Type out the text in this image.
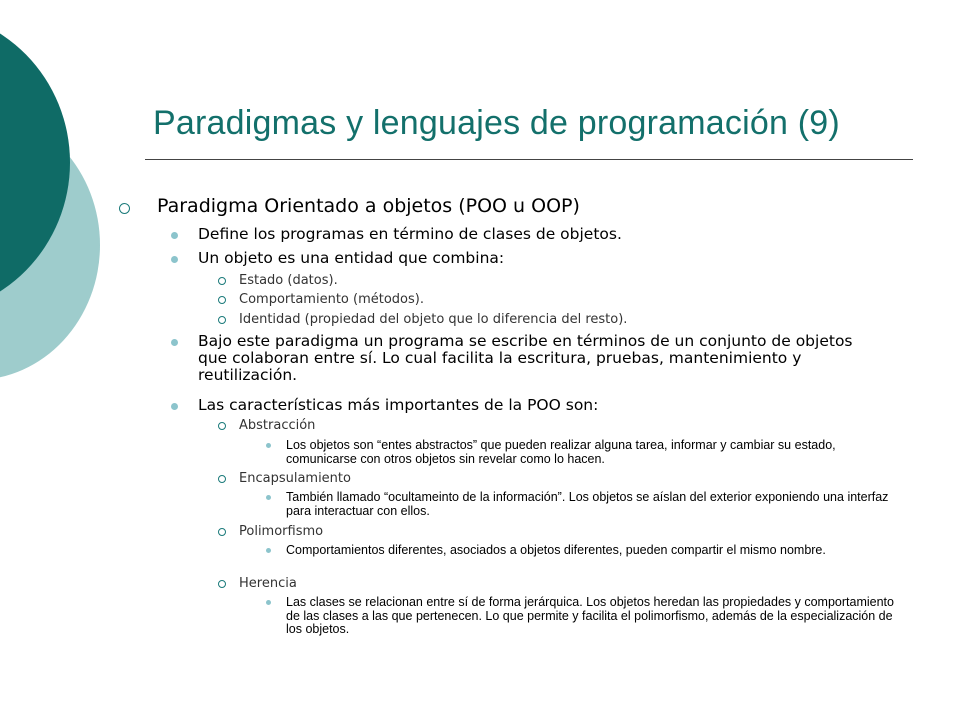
Paradigmas y lenguajes de programación (9)
Paradigma Orientado a objetos (POO u OOP)
Define los programas en término de clases de objetos.
Un objeto es una entidad que combina:
Estado (datos).
Comportamiento (métodos).
Identidad (propiedad del objeto que lo diferencia del resto).
Bajo este paradigma un programa se escribe en términos de un conjunto de objetos que colaboran entre sí. Lo cual facilita la escritura, pruebas, mantenimiento y reutilización.
Las características más importantes de la POO son:
Abstracción
Los objetos son “entes abstractos” que pueden realizar alguna tarea, informar y cambiar su estado, comunicarse con otros objetos sin revelar como lo hacen.
Encapsulamiento
También llamado “ocultameinto de la información”. Los objetos se aíslan del exterior exponiendo una interfaz para interactuar con ellos.
Polimorfismo
Comportamientos diferentes, asociados a objetos diferentes, pueden compartir el mismo nombre.
Herencia
Las clases se relacionan entre sí de forma jerárquica. Los objetos heredan las propiedades y comportamiento de las clases a las que pertenecen. Lo que permite y facilita el polimorfismo, además de la especialización de los objetos.
